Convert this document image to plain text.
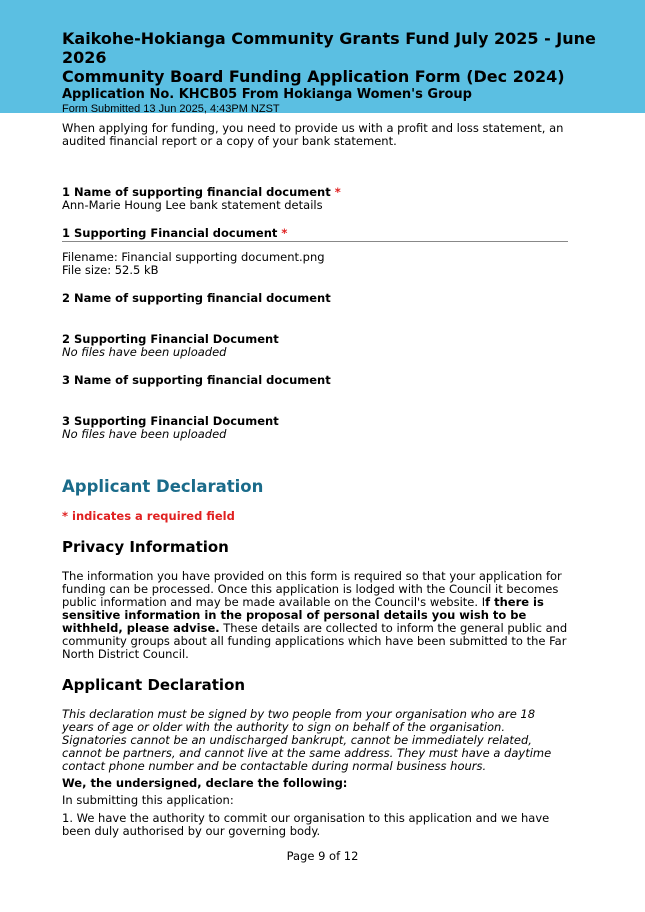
Kaikohe-Hokianga Community Grants Fund July 2025 - June 2026
Community Board Funding Application Form (Dec 2024)
Application No. KHCB05 From Hokianga Women's Group
Form Submitted 13 Jun 2025, 4:43PM NZST

When applying for funding, you need to provide us with a profit and loss statement, an audited financial report or a copy of your bank statement.

1 Name of supporting financial document *

Ann-Marie Houng Lee bank statement details

1 Supporting Financial document *

Filename: Financial supporting document.png

File size: 52.5 kB

2 Name of supporting financial document

2 Supporting Financial Document

No files have been uploaded

3 Name of supporting financial document

3 Supporting Financial Document

No files have been uploaded

Applicant Declaration

* indicates a required field

Privacy Information

The information you have provided on this form is required so that your application for funding can be processed. Once this application is lodged with the Council it becomes public information and may be made available on the Council's website. If there is sensitive information in the proposal of personal details you wish to be withheld, please advise. These details are collected to inform the general public and community groups about all funding applications which have been submitted to the Far North District Council.

Applicant Declaration

This declaration must be signed by two people from your organisation who are 18 years of age or older with the authority to sign on behalf of the organisation. Signatories cannot be an undischarged bankrupt, cannot be immediately related, cannot be partners, and cannot live at the same address. They must have a daytime contact phone number and be contactable during normal business hours.

We, the undersigned, declare the following:

In submitting this application:

1. We have the authority to commit our organisation to this application and we have been duly authorised by our governing body.

Page 9 of 12
